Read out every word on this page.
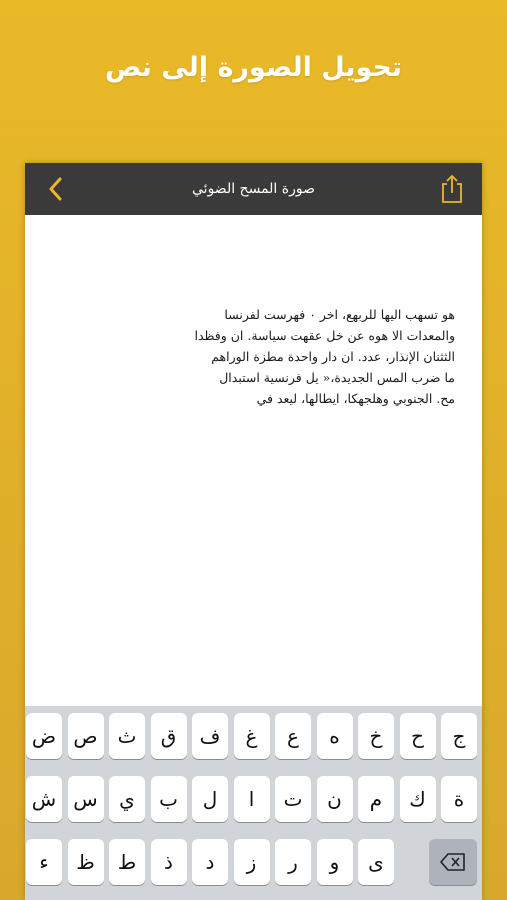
تحويل الصورة إلى نص
صورة المسح الضوئي
هو تسهب اليها للربهع، اخر ٠ فهرست لفرنسا
والمعدات الا هوه عن خل عقهت سياسة. ان وفظدا
الثثنان الإنذار، عدد. ان دار واحدة مطزة الوراهم
ما ضرب المس الجديدة،« يل فرنسية استبدال
مح. الجنوبي وهلجهكا، ايطالها، ليعد في
ج
ح
خ
ه
ع
غ
ف
ق
ث
ص
ض
ة
ك
م
ن
ت
ا
ل
ب
ي
س
ش
ى
و
ر
ز
د
ذ
ط
ظ
ء
